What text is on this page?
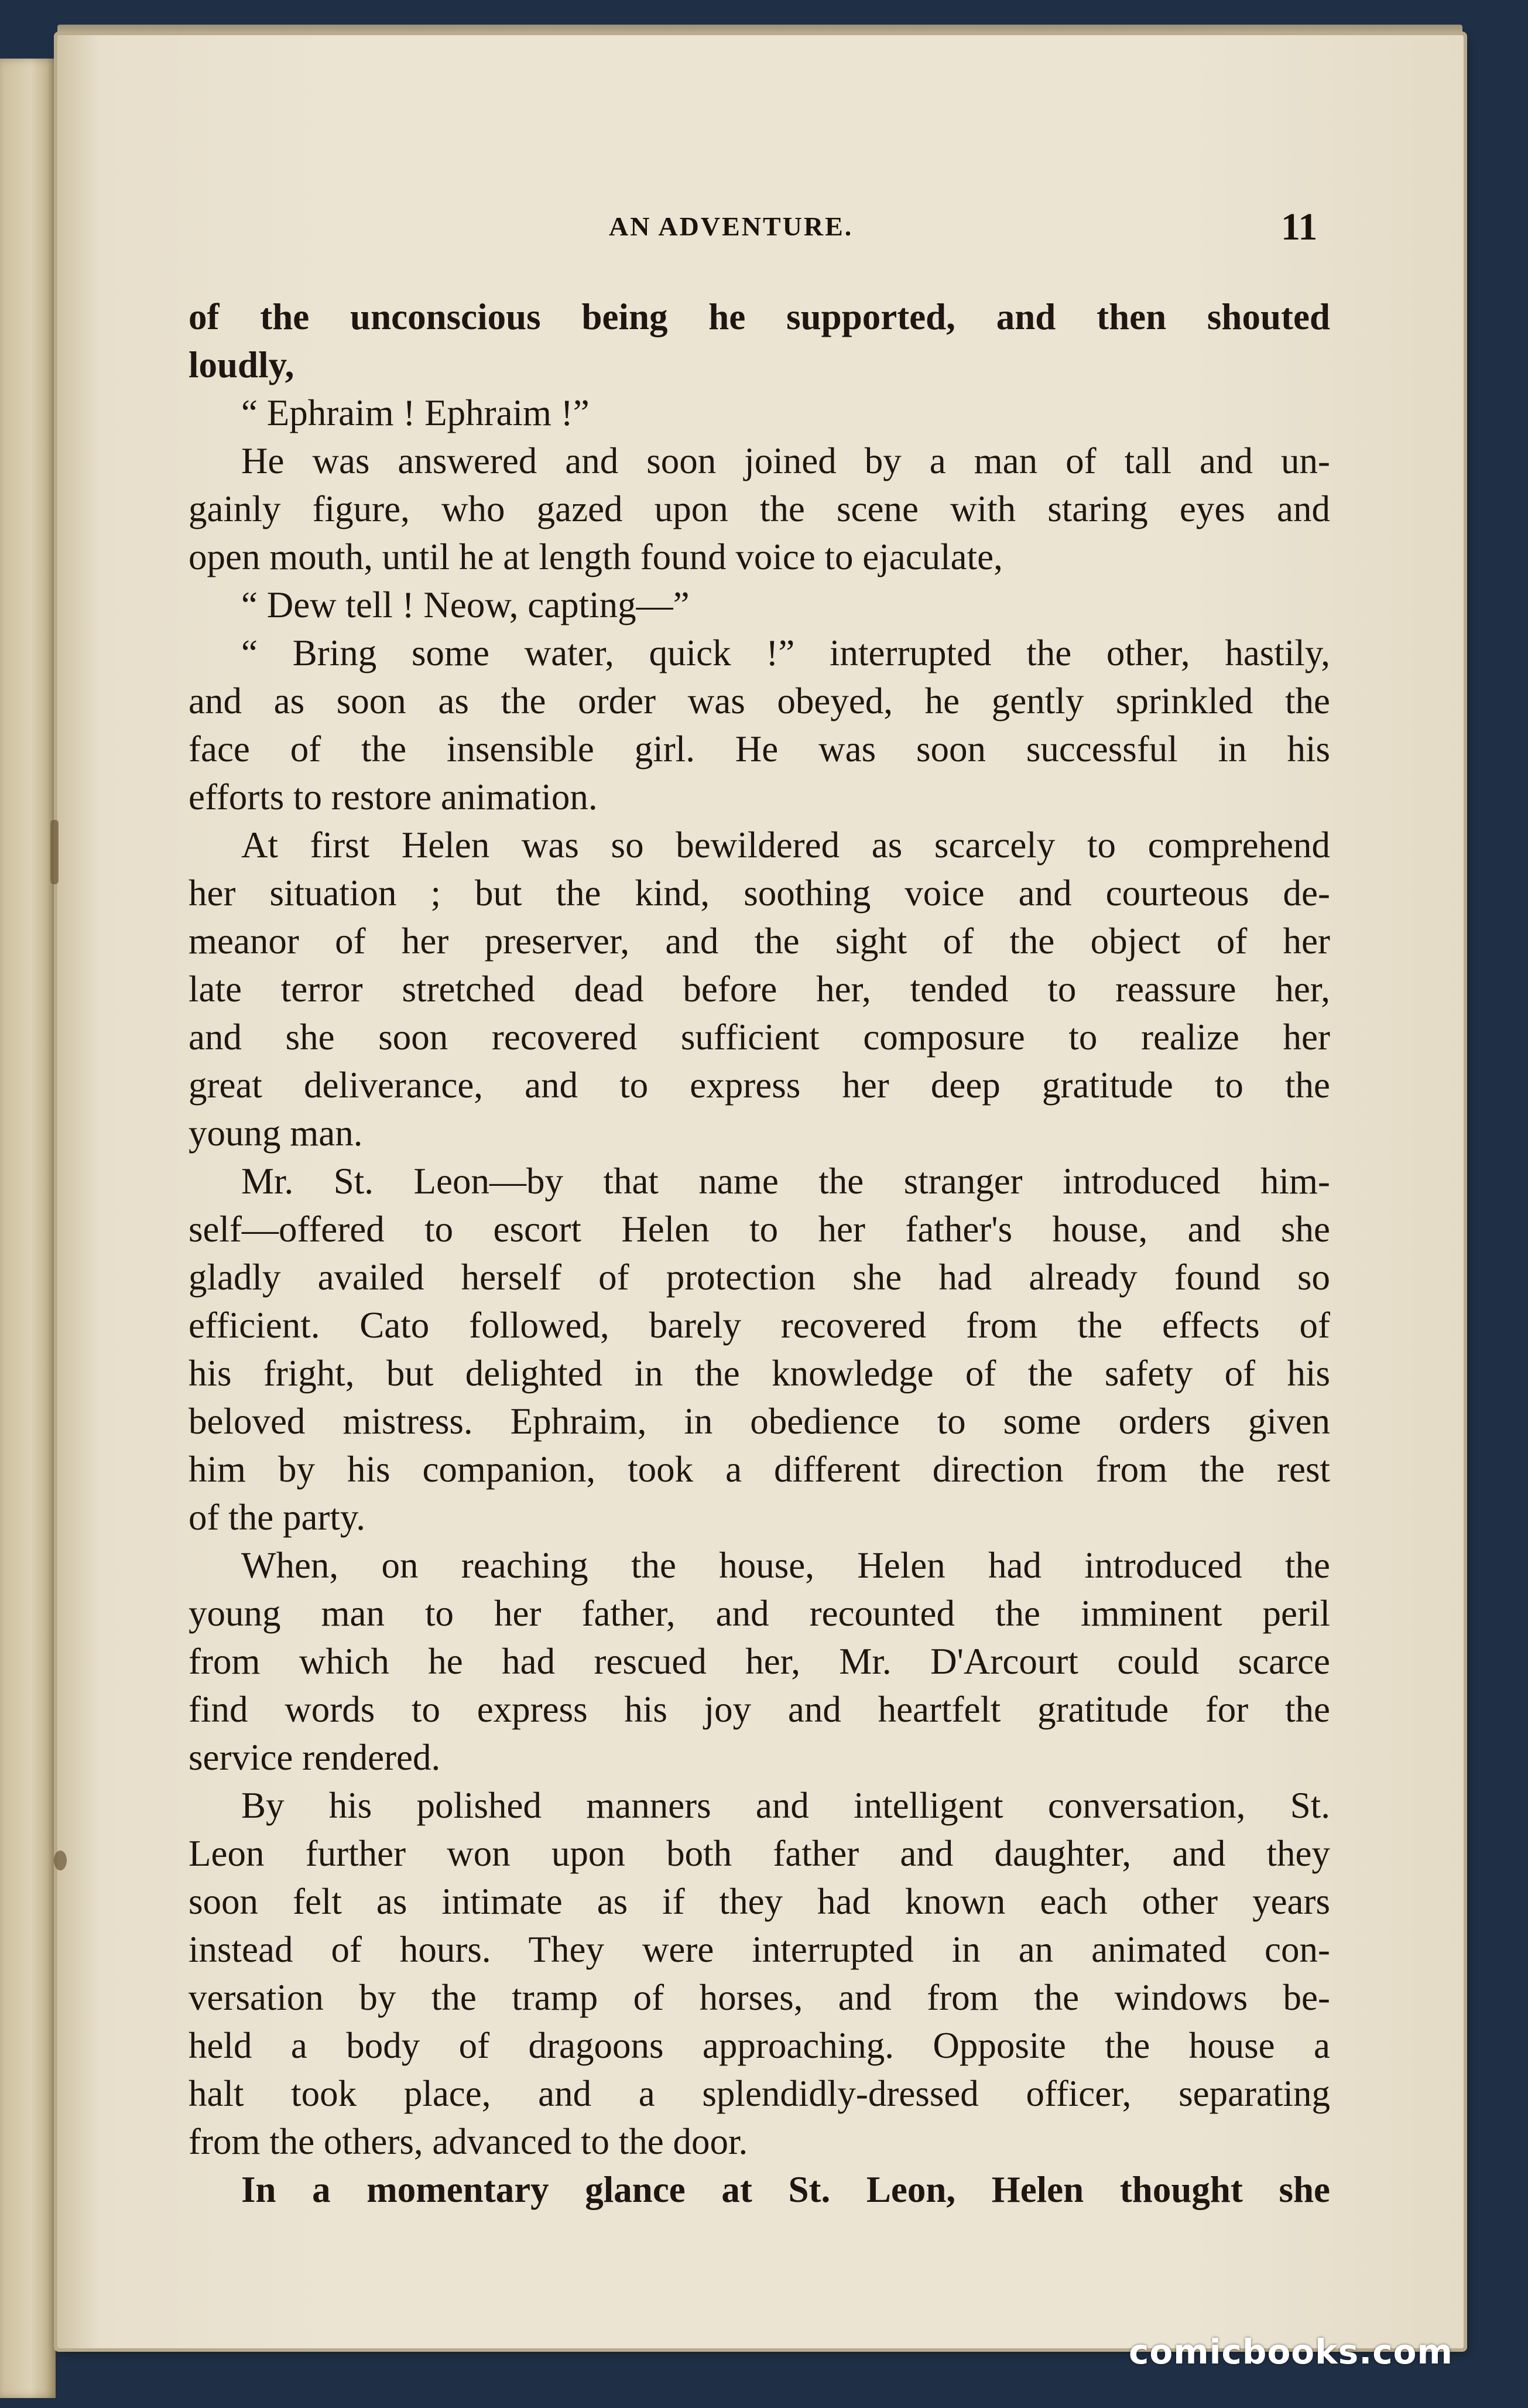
AN ADVENTURE.	11
of the unconscious being he supported, and then shouted
loudly,
“ Ephraim ! Ephraim !”
He was answered and soon joined by a man of tall and un-
gainly figure, who gazed upon the scene with staring eyes and
open mouth, until he at length found voice to ejaculate,
“ Dew tell ! Neow, capting—”
“ Bring some water, quick !” interrupted the other, hastily,
and as soon as the order was obeyed, he gently sprinkled the
face of the insensible girl. He was soon successful in his
efforts to restore animation.
At first Helen was so bewildered as scarcely to comprehend
her situation ; but the kind, soothing voice and courteous de-
meanor of her preserver, and the sight of the object of her
late terror stretched dead before her, tended to reassure her,
and she soon recovered sufficient composure to realize her
great deliverance, and to express her deep gratitude to the
young man.
Mr. St. Leon—by that name the stranger introduced him-
self—offered to escort Helen to her father's house, and she
gladly availed herself of protection she had already found so
efficient. Cato followed, barely recovered from the effects of
his fright, but delighted in the knowledge of the safety of his
beloved mistress. Ephraim, in obedience to some orders given
him by his companion, took a different direction from the rest
of the party.
When, on reaching the house, Helen had introduced the
young man to her father, and recounted the imminent peril
from which he had rescued her, Mr. D'Arcourt could scarce
find words to express his joy and heartfelt gratitude for the
service rendered.
By his polished manners and intelligent conversation, St.
Leon further won upon both father and daughter, and they
soon felt as intimate as if they had known each other years
instead of hours. They were interrupted in an animated con-
versation by the tramp of horses, and from the windows be-
held a body of dragoons approaching. Opposite the house a
halt took place, and a splendidly-dressed officer, separating
from the others, advanced to the door.
In a momentary glance at St. Leon, Helen thought she
comicbooks.com
